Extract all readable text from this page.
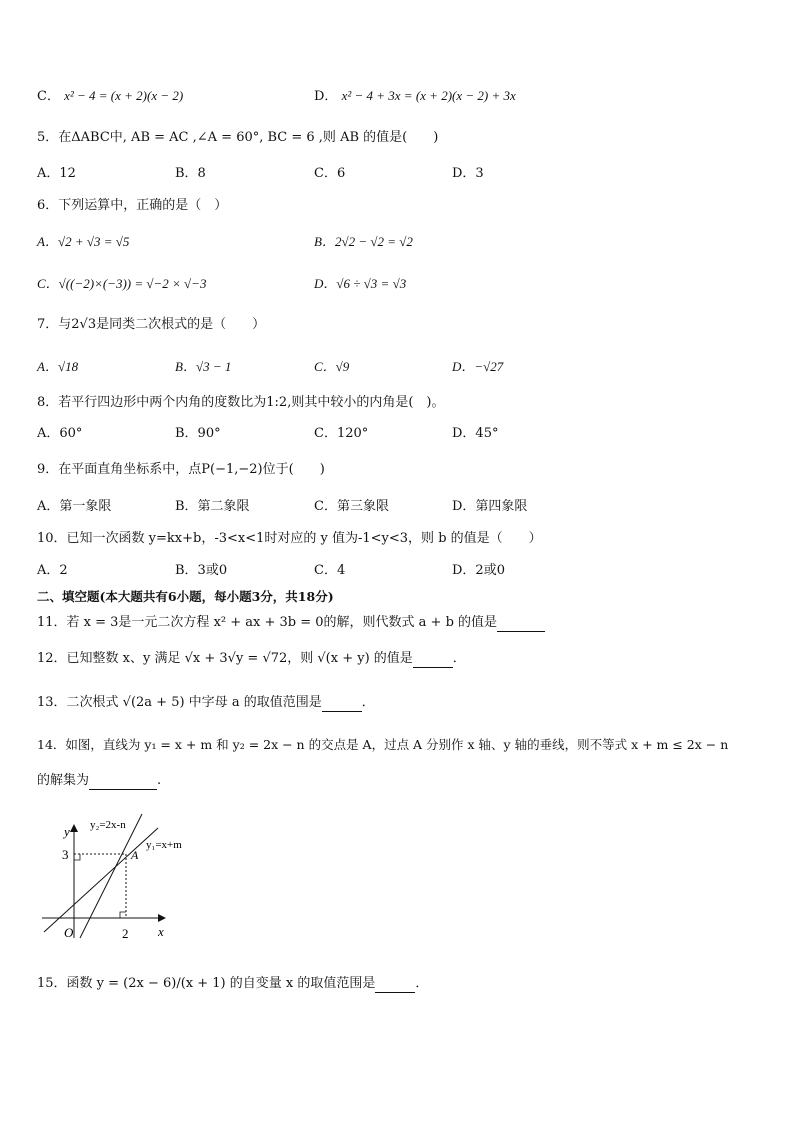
C． x² − 4 = (x + 2)(x − 2)	D． x² − 4 + 3x = (x + 2)(x − 2) + 3x
5．在ΔABC中, AB = AC ,∠A = 60°, BC = 6 ,则 AB 的值是(　　)
A．12	B．8	C．6	D．3
6．下列运算中，正确的是（　）
A．√2 + √3 = √5	B．2√2 − √2 = √2
C．√((−2)×(−3)) = √−2 × √−3	D．√6 ÷ √3 = √3
7．与2√3是同类二次根式的是（　　）
A．√18	B．√3 − 1	C．√9	D．−√27
8．若平行四边形中两个内角的度数比为1:2,则其中较小的内角是(　)。
A．60°	B．90°	C．120°	D．45°
9．在平面直角坐标系中，点P(−1,−2)位于(　　)
A．第一象限	B．第二象限	C．第三象限	D．第四象限
10．已知一次函数 y=kx+b，-3<x<1时对应的 y 值为-1<y<3，则 b 的值是（　　）
A．2	B．3或0	C．4	D．2或0
二、填空题(本大题共有6小题，每小题3分，共18分)
11．若 x = 3是一元二次方程 x² + ax + 3b = 0的解，则代数式 a + b 的值是
12．已知整数 x、y 满足 √x + 3√y = √72，则 √(x + y) 的值是	．
13．二次根式 √(2a + 5) 中字母 a 的取值范围是	．
14．如图，直线为 y₁ = x + m 和 y₂ = 2x − n 的交点是 A，过点 A 分别作 x 轴、y 轴的垂线，则不等式 x + m ≤ 2x − n
的解集为	.
y
x
O
A
3
2
y₂=2x-n
y₁=x+m
15．函数 y = (2x − 6)/(x + 1) 的自变量 x 的取值范围是	．
